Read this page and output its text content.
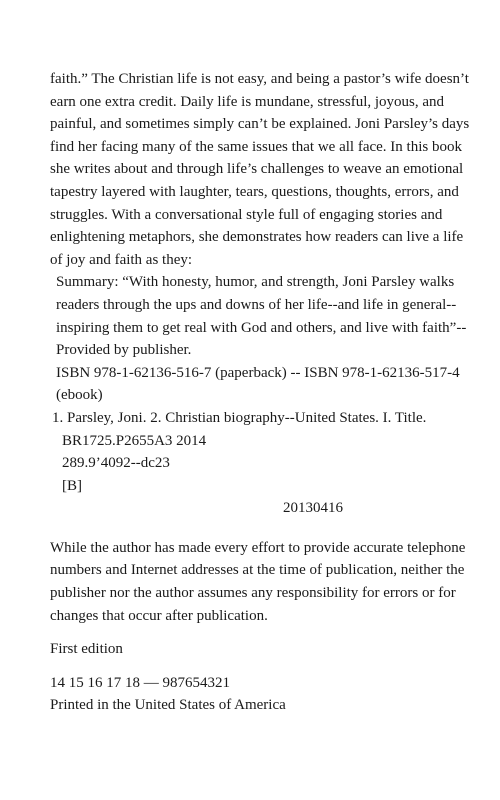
faith.” The Christian life is not easy, and being a pastor’s wife doesn’t earn one extra credit. Daily life is mundane, stressful, joyous, and painful, and sometimes simply can’t be explained. Joni Parsley’s days find her facing many of the same issues that we all face. In this book she writes about and through life’s challenges to weave an emotional tapestry layered with laughter, tears, questions, thoughts, errors, and struggles. With a conversational style full of engaging stories and enlightening metaphors, she demonstrates how readers can live a life of joy and faith as they:

Summary: “With honesty, humor, and strength, Joni Parsley walks readers through the ups and downs of her life--and life in general--inspiring them to get real with God and others, and live with faith”-- Provided by publisher.

ISBN 978-1-62136-516-7 (paperback) -- ISBN 978-1-62136-517-4 (ebook)

1. Parsley, Joni. 2. Christian biography--United States. I. Title.

BR1725.P2655A3 2014

289.9’4092--dc23

[B]

20130416

While the author has made every effort to provide accurate telephone numbers and Internet addresses at the time of publication, neither the publisher nor the author assumes any responsibility for errors or for changes that occur after publication.

First edition

14 15 16 17 18 — 987654321

Printed in the United States of America
